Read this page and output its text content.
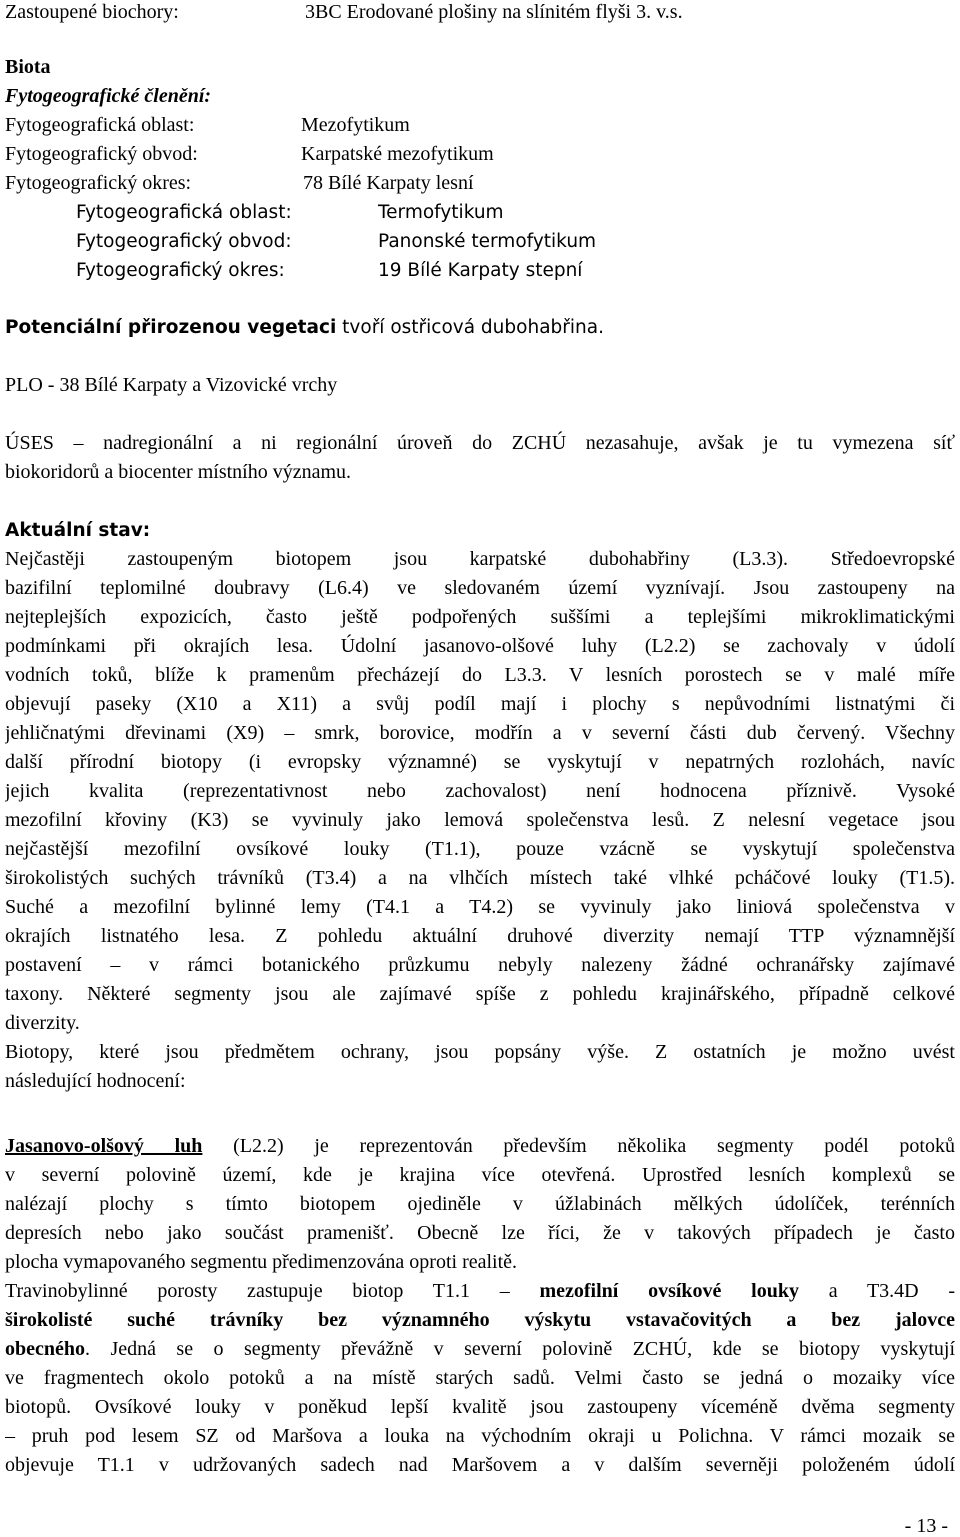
Zastoupené biochory:	3BC Erodované plošiny na slínitém flyši 3. v.s.
Biota
Fytogeografické členění:
Fytogeografická oblast:	Mezofytikum
Fytogeografický obvod:	Karpatské mezofytikum
Fytogeografický okres:	78 Bílé Karpaty lesní
Fytogeografická oblast:	Termofytikum
Fytogeografický obvod:	Panonské termofytikum
Fytogeografický okres:	19 Bílé Karpaty stepní
Potenciální přirozenou vegetaci tvoří ostřicová dubohabřina.
PLO - 38 Bílé Karpaty a Vizovické vrchy
ÚSES – nadregionální a ni regionální úroveň do ZCHÚ nezasahuje, avšak je tu vymezena síť
biokoridorů a biocenter místního významu.
Aktuální stav:
Nejčastěji zastoupeným biotopem jsou karpatské dubohabřiny (L3.3). Středoevropské
bazifilní teplomilné doubravy (L6.4) ve sledovaném území vyznívají. Jsou zastoupeny na
nejteplejších expozicích, často ještě podpořených suššími a teplejšími mikroklimatickými
podmínkami při okrajích lesa. Údolní jasanovo-olšové luhy (L2.2) se zachovaly v údolí
vodních toků, blíže k pramenům přecházejí do L3.3. V lesních porostech se v malé míře
objevují paseky (X10 a X11) a svůj podíl mají i plochy s nepůvodními listnatými či
jehličnatými dřevinami (X9) – smrk, borovice, modřín a v severní části dub červený. Všechny
další přírodní biotopy (i evropsky významné) se vyskytují v nepatrných rozlohách, navíc
jejich kvalita (reprezentativnost nebo zachovalost) není hodnocena příznivě. Vysoké
mezofilní křoviny (K3) se vyvinuly jako lemová společenstva lesů. Z nelesní vegetace jsou
nejčastější mezofilní ovsíkové louky (T1.1), pouze vzácně se vyskytují společenstva
širokolistých suchých trávníků (T3.4) a na vlhčích místech také vlhké pcháčové louky (T1.5).
Suché a mezofilní bylinné lemy (T4.1 a T4.2) se vyvinuly jako liniová společenstva v
okrajích listnatého lesa. Z pohledu aktuální druhové diverzity nemají TTP významnější
postavení – v rámci botanického průzkumu nebyly nalezeny žádné ochranářsky zajímavé
taxony. Některé segmenty jsou ale zajímavé spíše z pohledu krajinářského, případně celkové
diverzity.
Biotopy, které jsou předmětem ochrany, jsou popsány výše. Z ostatních je možno uvést
následující hodnocení:
Jasanovo-olšový luh (L2.2) je reprezentován především několika segmenty podél potoků
v severní polovině území, kde je krajina více otevřená. Uprostřed lesních komplexů se
nalézají plochy s tímto biotopem ojediněle v úžlabinách mělkých údolíček, terénních
depresích nebo jako součást pramenišť. Obecně lze říci, že v takových případech je často
plocha vymapovaného segmentu předimenzována oproti realitě.
Travinobylinné porosty zastupuje biotop T1.1 – mezofilní ovsíkové louky a T3.4D -
širokolisté suché trávníky bez významného výskytu vstavačovitých a bez jalovce
obecného. Jedná se o segmenty převážně v severní polovině ZCHÚ, kde se biotopy vyskytují
ve fragmentech okolo potoků a na místě starých sadů. Velmi často se jedná o mozaiky více
biotopů. Ovsíkové louky v poněkud lepší kvalitě jsou zastoupeny víceméně dvěma segmenty
– pruh pod lesem SZ od Maršova a louka na východním okraji u Polichna. V rámci mozaik se
objevuje T1.1 v udržovaných sadech nad Maršovem a v dalším severněji položeném údolí
- 13 -
